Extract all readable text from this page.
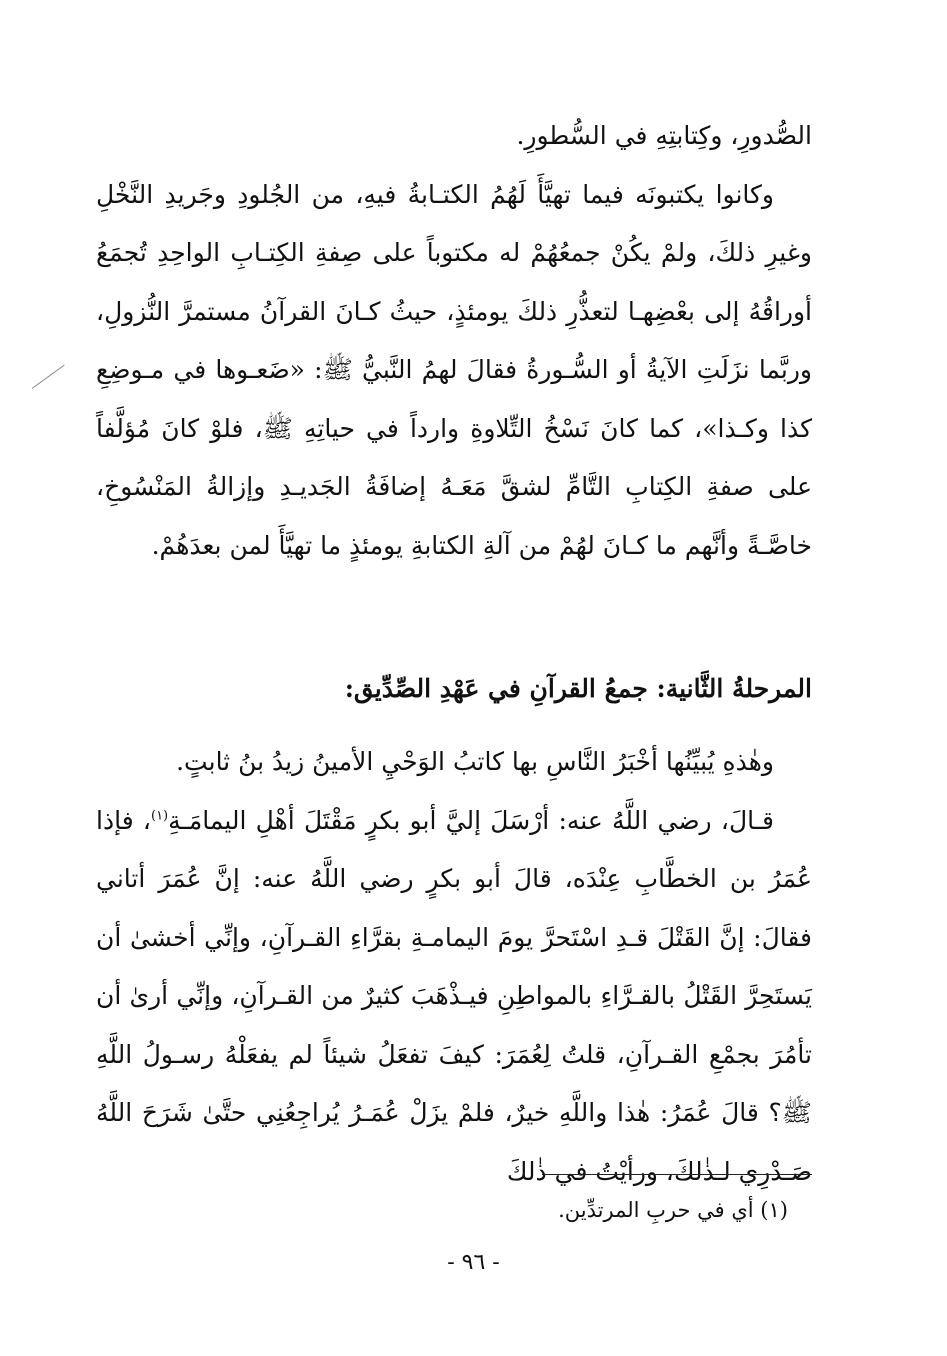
الصُّدورِ، وكِتابتِهِ في السُّطورِ.

وكانوا يكتبونَه فيما تهيَّأَ لَهُمُ الكتـابةُ فيهِ، من الجُلودِ وجَريدِ النَّخْلِ وغيرِ ذلكَ، ولمْ يكُنْ جمعُهُمْ له مكتوباً على صِفةِ الكِتـابِ الواحِدِ تُجمَعُ أوراقُهُ إلى بعْضِهـا لتعذُّرِ ذلكَ يومئذٍ، حيثُ كـانَ القرآنُ مستمرَّ النُّزولِ، وربَّما نزَلَتِ الآيةُ أو السُّـورةُ فقالَ لهمُ النَّبيُّ ﷺ: «ضَعـوها في مـوضِعِ كذا وكـذا»، كما كانَ نَسْخُ التِّلاوةِ وارداً في حياتِهِ ﷺ، فلوْ كانَ مُؤلَّفاً على صفةِ الكِتابِ التَّامِّ لشقَّ مَعَـهُ إضافَةُ الجَديـدِ وإزالةُ المَنْسُوخِ، خاصَّـةً وأنَّهم ما كـانَ لهُمْ من آلةِ الكتابةِ يومئذٍ ما تهيَّأَ لمن بعدَهُمْ.

المرحلةُ الثَّانية: جمعُ القرآنِ في عَهْدِ الصِّدِّيق:

وهٰذهِ يُبيِّنُها أخْبَرُ النَّاسِ بها كاتبُ الوَحْيِ الأمينُ زيدُ بنُ ثابتٍ.

قـالَ، رضي اللَّهُ عنه: أرْسَلَ إليَّ أبو بكرٍ مَقْتَلَ أهْلِ اليمامَـةِ$^{(١)}$، فإذا عُمَرُ بن الخطَّابِ عِنْدَه، قالَ أبو بكرٍ رضي اللَّهُ عنه: إنَّ عُمَرَ أتاني فقالَ: إنَّ القَتْلَ قـدِ اسْتَحرَّ يومَ اليمامـةِ بقرَّاءِ القـرآنِ، وإنِّي أخشىٰ أن يَستَحِرَّ القَتْلُ بالقـرَّاءِ بالمواطِنِ فيـذْهَبَ كثيرٌ من القـرآنِ، وإنِّي أرىٰ أن تأمُرَ بجمْعِ القـرآنِ، قلتُ لِعُمَرَ: كيفَ تفعَلُ شيئاً لم يفعَلْهُ رسـولُ اللَّهِ ﷺ؟ قالَ عُمَرُ: هٰذا واللَّهِ خيرٌ، فلمْ يزَلْ عُمَـرُ يُراجِعُنِي حتَّىٰ شَرَحَ اللَّهُ صَـدْرِي لـذٰلكَ، ورأيْتُ في ذٰلكَ

(١) أي في حربِ المرتدِّين.
- ٩٦ -
